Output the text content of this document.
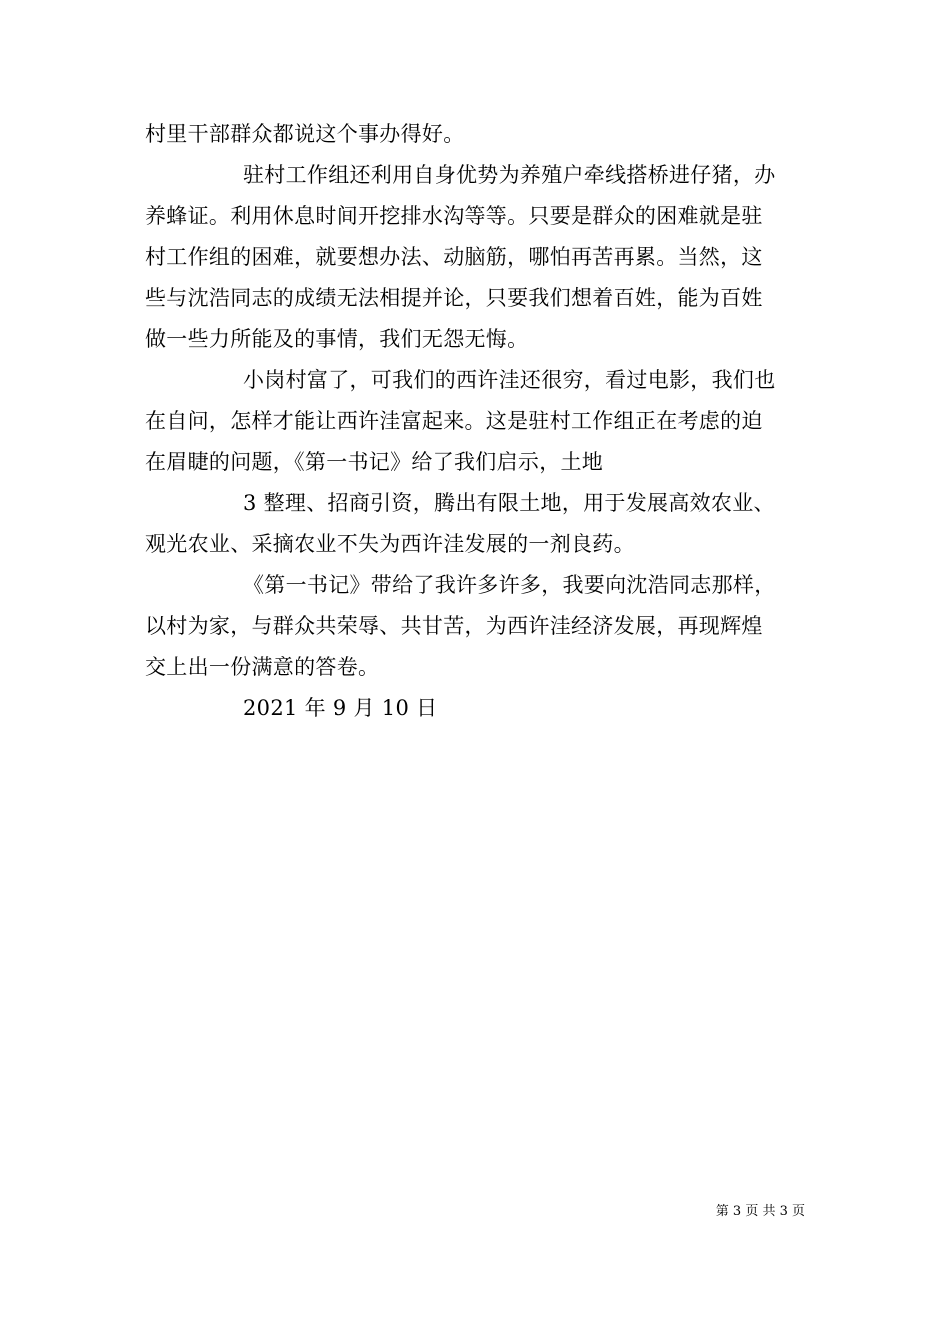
村里干部群众都说这个事办得好。
驻村工作组还利用自身优势为养殖户牵线搭桥进仔猪，办
养蜂证。利用休息时间开挖排水沟等等。只要是群众的困难就是驻
村工作组的困难，就要想办法、动脑筋，哪怕再苦再累。当然，这
些与沈浩同志的成绩无法相提并论，只要我们想着百姓，能为百姓
做一些力所能及的事情，我们无怨无悔。
小岗村富了，可我们的西许洼还很穷，看过电影，我们也
在自问，怎样才能让西许洼富起来。这是驻村工作组正在考虑的迫
在眉睫的问题，《第一书记》给了我们启示，土地
3 整理、招商引资，腾出有限土地，用于发展高效农业、
观光农业、采摘农业不失为西许洼发展的一剂良药。
《第一书记》带给了我许多许多，我要向沈浩同志那样，
以村为家，与群众共荣辱、共甘苦，为西许洼经济发展，再现辉煌
交上出一份满意的答卷。
2021 年 9 月 10 日
第 3 页 共 3 页
